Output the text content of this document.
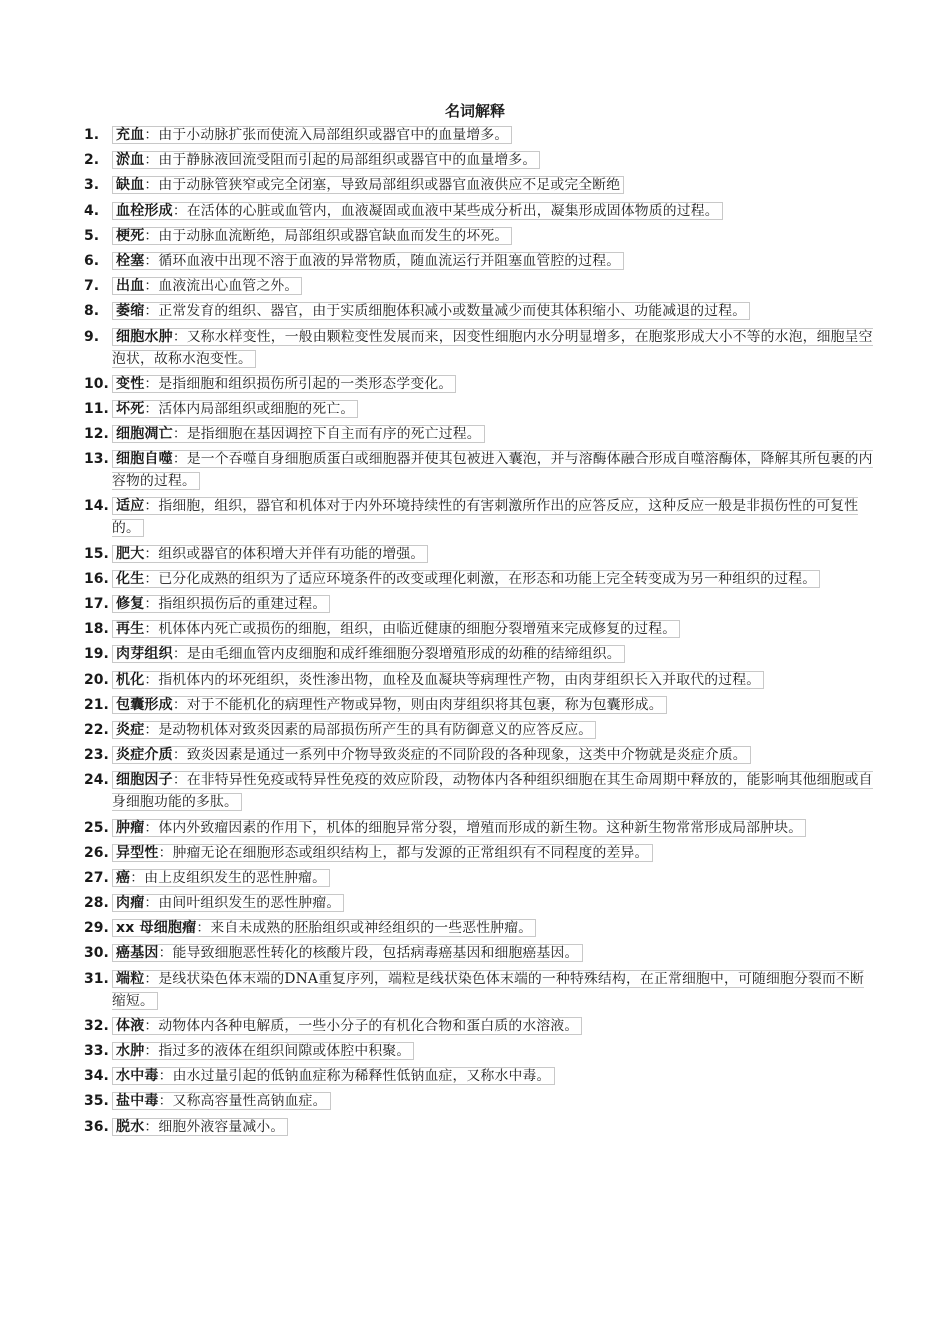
名词解释
1.	充血：由于小动脉扩张而使流入局部组织或器官中的血量增多。
2.	淤血：由于静脉液回流受阻而引起的局部组织或器官中的血量增多。
3.	缺血：由于动脉管狭窄或完全闭塞，导致局部组织或器官血液供应不足或完全断绝
4.	血栓形成：在活体的心脏或血管内，血液凝固或血液中某些成分析出，凝集形成固体物质的过程。
5.	梗死：由于动脉血流断绝，局部组织或器官缺血而发生的坏死。
6.	栓塞：循环血液中出现不溶于血液的异常物质，随血流运行并阻塞血管腔的过程。
7.	出血：血液流出心血管之外。
8.	萎缩：正常发育的组织、器官，由于实质细胞体积减小或数量减少而使其体积缩小、功能减退的过程。
9.	细胞水肿：又称水样变性，一般由颗粒变性发展而来，因变性细胞内水分明显增多，在胞浆形成大小不等的水泡，细胞呈空泡状，故称水泡变性。
10. 变性：是指细胞和组织损伤所引起的一类形态学变化。
11. 坏死：活体内局部组织或细胞的死亡。
12. 细胞凋亡：是指细胞在基因调控下自主而有序的死亡过程。
13. 细胞自噬：是一个吞噬自身细胞质蛋白或细胞器并使其包被进入囊泡，并与溶酶体融合形成自噬溶酶体，降解其所包裹的内容物的过程。
14. 适应：指细胞，组织，器官和机体对于内外环境持续性的有害刺激所作出的应答反应，这种反应一般是非损伤性的可复性的。
15. 肥大：组织或器官的体积增大并伴有功能的增强。
16. 化生：已分化成熟的组织为了适应环境条件的改变或理化刺激，在形态和功能上完全转变成为另一种组织的过程。
17. 修复：指组织损伤后的重建过程。
18. 再生：机体体内死亡或损伤的细胞，组织，由临近健康的细胞分裂增殖来完成修复的过程。
19. 肉芽组织：是由毛细血管内皮细胞和成纤维细胞分裂增殖形成的幼稚的结缔组织。
20. 机化：指机体内的坏死组织，炎性渗出物，血栓及血凝块等病理性产物，由肉芽组织长入并取代的过程。
21. 包囊形成：对于不能机化的病理性产物或异物，则由肉芽组织将其包裹，称为包囊形成。
22. 炎症：是动物机体对致炎因素的局部损伤所产生的具有防御意义的应答反应。
23. 炎症介质：致炎因素是通过一系列中介物导致炎症的不同阶段的各种现象，这类中介物就是炎症介质。
24. 细胞因子：在非特异性免疫或特异性免疫的效应阶段，动物体内各种组织细胞在其生命周期中释放的，能影响其他细胞或自身细胞功能的多肽。
25. 肿瘤：体内外致瘤因素的作用下，机体的细胞异常分裂，增殖而形成的新生物。这种新生物常常形成局部肿块。
26. 异型性：肿瘤无论在细胞形态或组织结构上，都与发源的正常组织有不同程度的差异。
27. 癌：由上皮组织发生的恶性肿瘤。
28. 肉瘤：由间叶组织发生的恶性肿瘤。
29. xx 母细胞瘤：来自未成熟的胚胎组织或神经组织的一些恶性肿瘤。
30. 癌基因：能导致细胞恶性转化的核酸片段，包括病毒癌基因和细胞癌基因。
31. 端粒：是线状染色体末端的DNA重复序列，端粒是线状染色体末端的一种特殊结构，在正常细胞中，可随细胞分裂而不断缩短。
32. 体液：动物体内各种电解质，一些小分子的有机化合物和蛋白质的水溶液。
33. 水肿：指过多的液体在组织间隙或体腔中积聚。
34. 水中毒：由水过量引起的低钠血症称为稀释性低钠血症，又称水中毒。
35. 盐中毒：又称高容量性高钠血症。
36. 脱水：细胞外液容量减小。
